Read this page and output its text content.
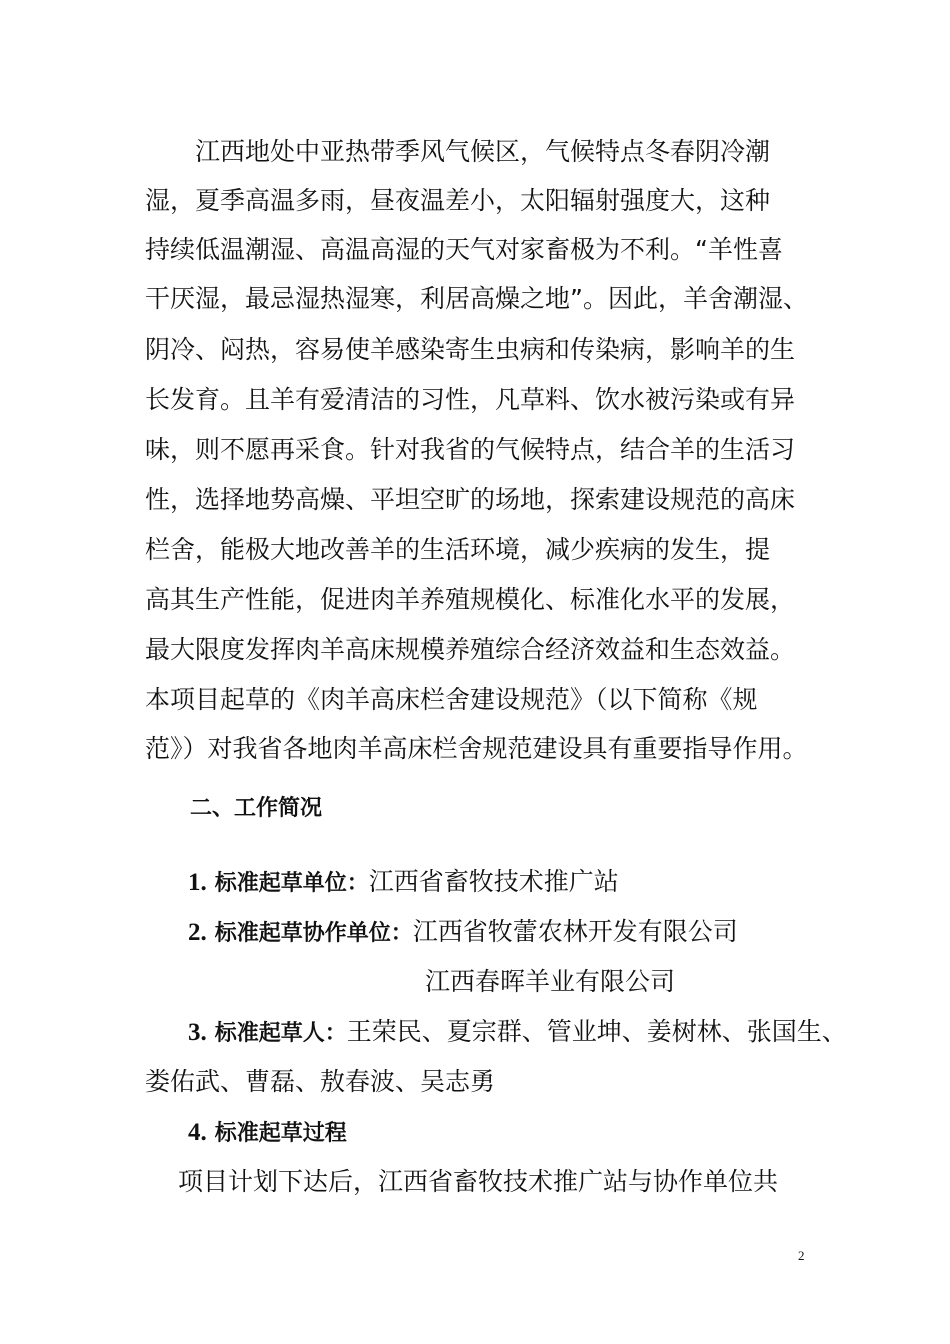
江西地处中亚热带季风气候区，气候特点冬春阴冷潮
湿，夏季高温多雨，昼夜温差小，太阳辐射强度大，这种
持续低温潮湿、高温高湿的天气对家畜极为不利。“羊性喜
干厌湿，最忌湿热湿寒，利居高燥之地”。因此，羊舍潮湿、
阴冷、闷热，容易使羊感染寄生虫病和传染病，影响羊的生
长发育。且羊有爱清洁的习性，凡草料、饮水被污染或有异
味，则不愿再采食。针对我省的气候特点，结合羊的生活习
性，选择地势高燥、平坦空旷的场地，探索建设规范的高床
栏舍，能极大地改善羊的生活环境，减少疾病的发生，提
高其生产性能，促进肉羊养殖规模化、标准化水平的发展，
最大限度发挥肉羊高床规模养殖综合经济效益和生态效益。
本项目起草的《肉羊高床栏舍建设规范》（以下简称《规
范》）对我省各地肉羊高床栏舍规范建设具有重要指导作用。
二、工作简况
1. 标准起草单位：江西省畜牧技术推广站
2. 标准起草协作单位：江西省牧蕾农林开发有限公司
江西春晖羊业有限公司
3. 标准起草人：王荣民、夏宗群、管业坤、姜树林、张国生、
娄佑武、曹磊、敖春波、吴志勇
4. 标准起草过程
项目计划下达后，江西省畜牧技术推广站与协作单位共
2
